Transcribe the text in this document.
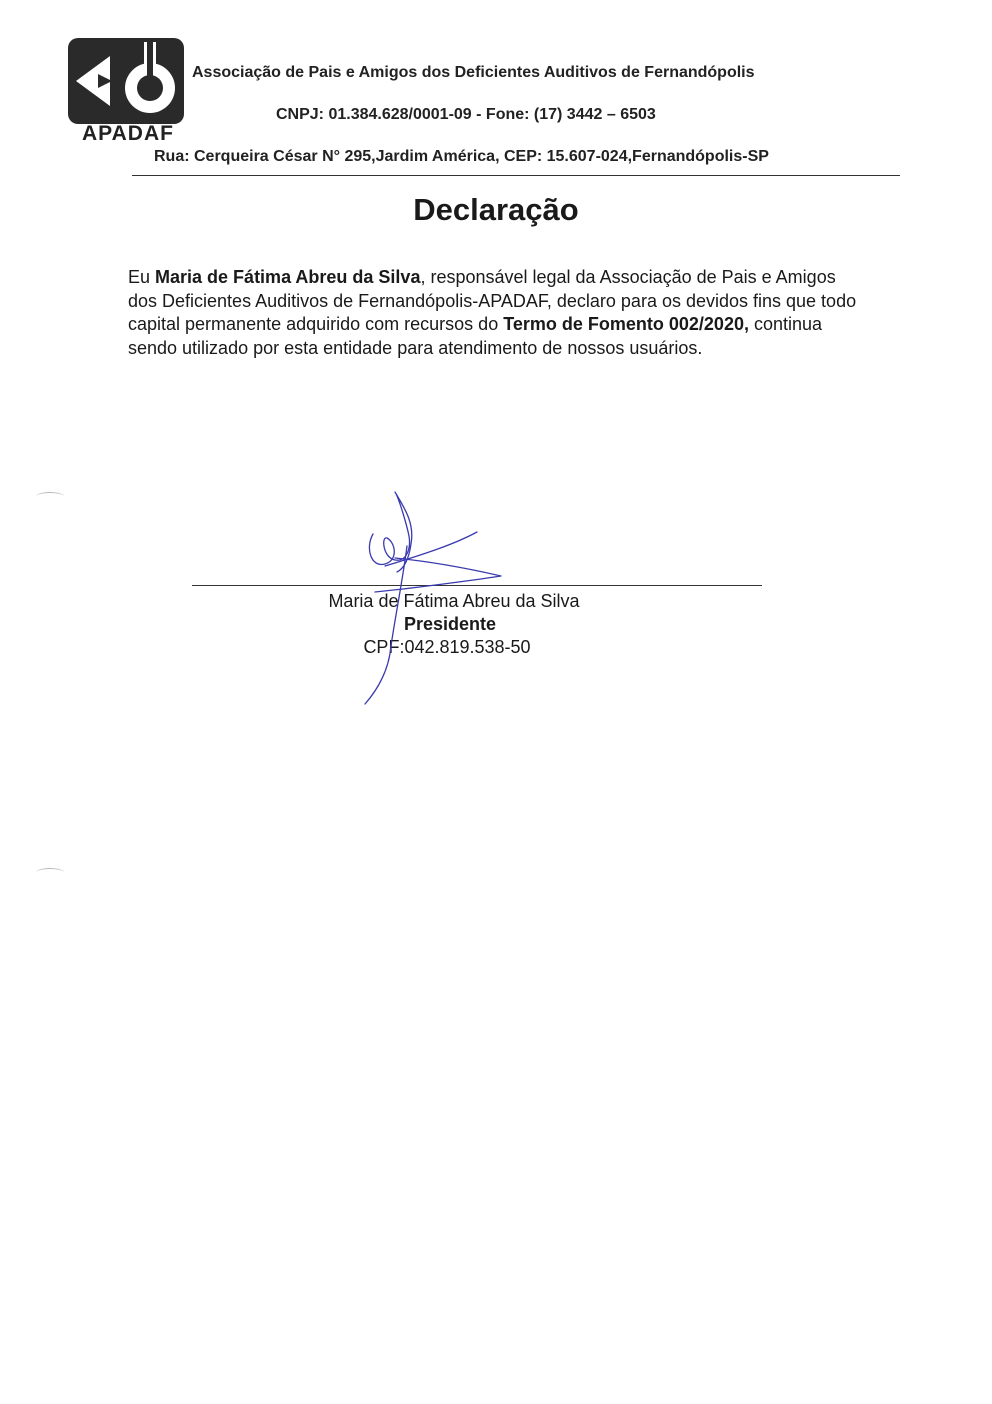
APADAF
Associação de Pais e Amigos dos Deficientes Auditivos de Fernandópolis
CNPJ: 01.384.628/0001-09 - Fone: (17) 3442 – 6503
Rua: Cerqueira César N° 295,Jardim América, CEP: 15.607-024,Fernandópolis-SP
Declaração
Eu Maria de Fátima Abreu da Silva, responsável legal da Associação de Pais e Amigos dos Deficientes Auditivos de Fernandópolis-APADAF, declaro para os devidos fins que todo capital permanente adquirido com recursos do Termo de Fomento 002/2020, continua sendo utilizado por esta entidade para atendimento de nossos usuários.
Maria de Fátima Abreu da Silva
Presidente
CPF:042.819.538-50
